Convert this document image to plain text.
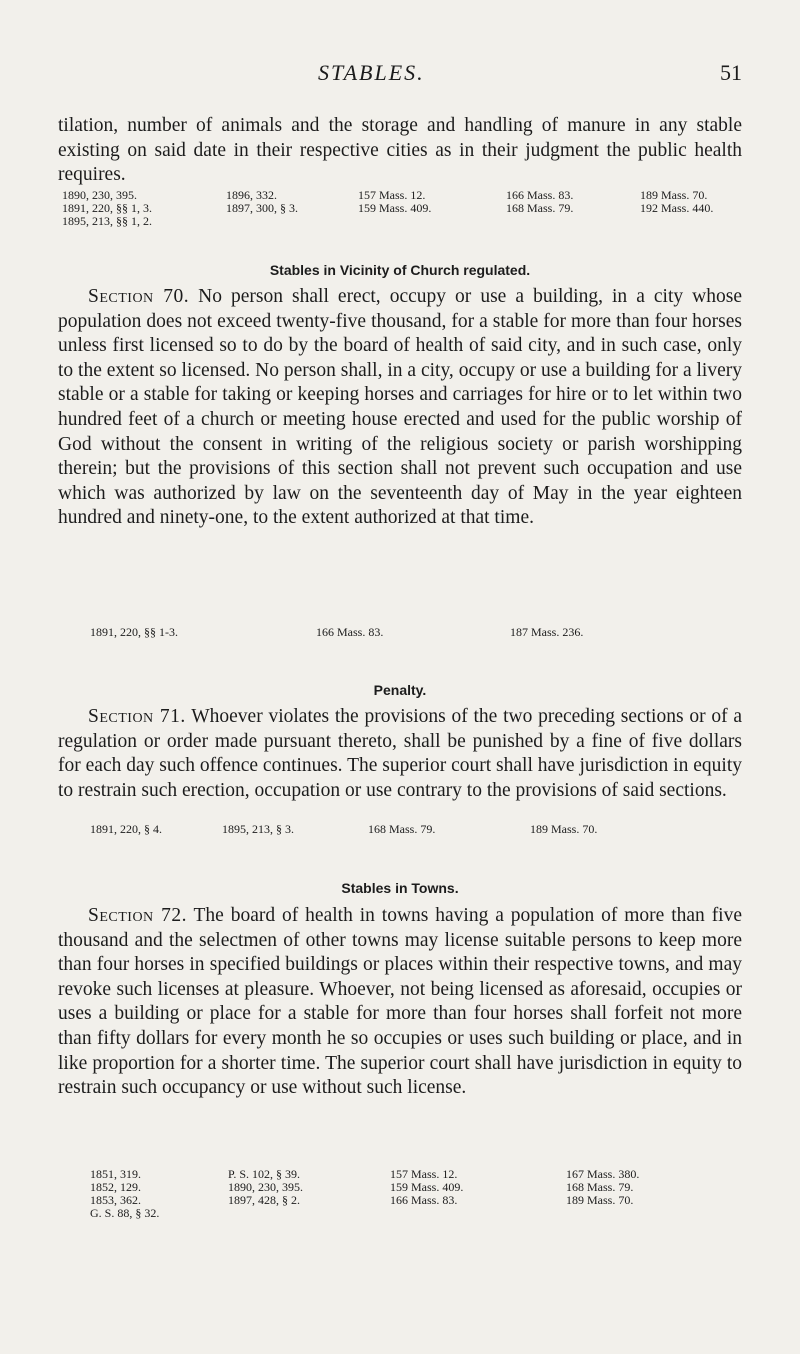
STABLES.	51

tilation, number of animals and the storage and handling of manure in any stable existing on said date in their respective cities as in their judgment the public health requires.

1890, 230, 395.	1896, 332.	157 Mass. 12.	166 Mass. 83.	189 Mass. 70.
1891, 220, §§ 1, 3.	1897, 300, § 3.	159 Mass. 409.	168 Mass. 79.	192 Mass. 440.
1895, 213, §§ 1, 2.
Stables in Vicinity of Church regulated.

Section 70. No person shall erect, occupy or use a building, in a city whose population does not exceed twenty-five thousand, for a stable for more than four horses unless first licensed so to do by the board of health of said city, and in such case, only to the extent so licensed. No person shall, in a city, occupy or use a building for a livery stable or a stable for taking or keeping horses and carriages for hire or to let within two hundred feet of a church or meeting house erected and used for the public worship of God without the consent in writing of the religious society or parish worshipping therein; but the provisions of this section shall not prevent such occupation and use which was authorized by law on the seventeenth day of May in the year eighteen hundred and ninety-one, to the extent authorized at that time.

1891, 220, §§ 1-3.	166 Mass. 83.	187 Mass. 236.
Penalty.

Section 71. Whoever violates the provisions of the two preceding sections or of a regulation or order made pursuant thereto, shall be punished by a fine of five dollars for each day such offence continues. The superior court shall have jurisdiction in equity to restrain such erection, occupation or use contrary to the provisions of said sections.

1891, 220, § 4.	1895, 213, § 3.	168 Mass. 79.	189 Mass. 70.
Stables in Towns.

Section 72. The board of health in towns having a population of more than five thousand and the selectmen of other towns may license suitable persons to keep more than four horses in specified buildings or places within their respective towns, and may revoke such licenses at pleasure. Whoever, not being licensed as aforesaid, occupies or uses a building or place for a stable for more than four horses shall forfeit not more than fifty dollars for every month he so occupies or uses such building or place, and in like proportion for a shorter time. The superior court shall have jurisdiction in equity to restrain such occupancy or use without such license.

1851, 319.	P. S. 102, § 39.	157 Mass. 12.	167 Mass. 380.
1852, 129.	1890, 230, 395.	159 Mass. 409.	168 Mass. 79.
1853, 362.	1897, 428, § 2.	166 Mass. 83.	189 Mass. 70.
G. S. 88, § 32.
